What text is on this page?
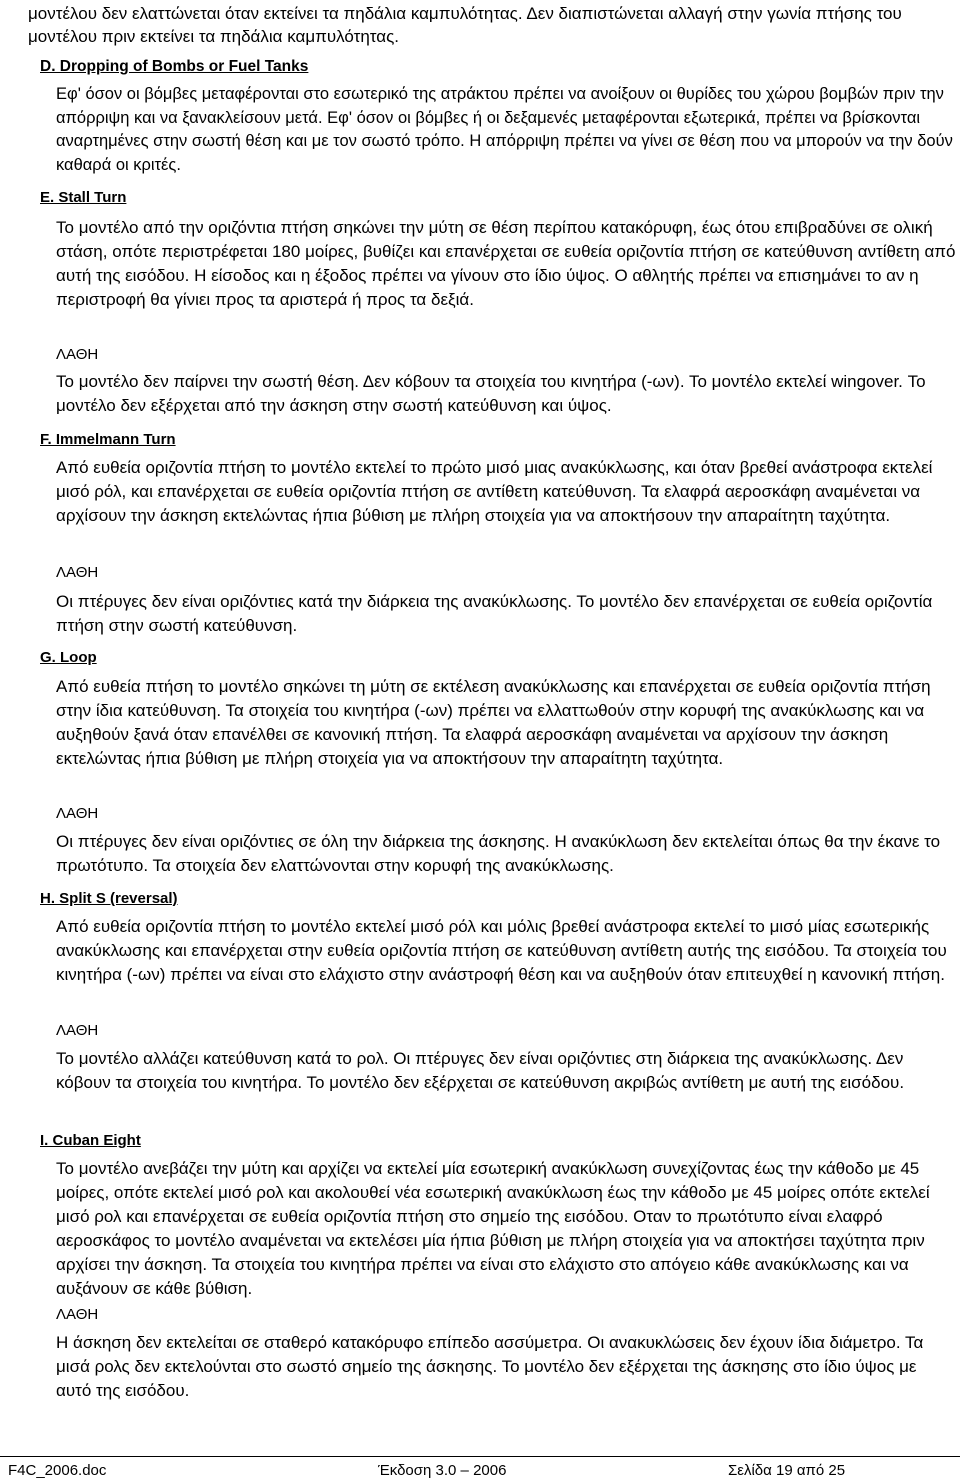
μοντέλου δεν ελαττώνεται όταν εκτείνει τα πηδάλια καμπυλότητας. Δεν διαπιστώνεται αλλαγή στην γωνία πτήσης του μοντέλου πριν εκτείνει τα πηδάλια καμπυλότητας.

D. Dropping of Bombs or Fuel Tanks

Εφ' όσον οι βόμβες μεταφέρονται στο εσωτερικό της ατράκτου πρέπει να ανοίξουν οι θυρίδες του χώρου βομβών πριν την απόρριψη και να ξανακλείσουν μετά. Εφ' όσον οι βόμβες ή οι δεξαμενές μεταφέρονται εξωτερικά, πρέπει να βρίσκονται αναρτημένες στην σωστή θέση και με τον σωστό τρόπο. Η απόρριψη πρέπει να γίνει σε θέση που να μπορούν να την δούν καθαρά οι κριτές.

E. Stall Turn

Το μοντέλο από την οριζόντια πτήση σηκώνει την μύτη σε θέση περίπου κατακόρυφη, έως ότου επιβραδύνει σε ολική στάση, οπότε περιστρέφεται 180 μοίρες, βυθίζει και επανέρχεται σε ευθεία οριζοντία πτήση σε κατεύθυνση αντίθετη από αυτή της εισόδου. Η είσοδος και η έξοδος πρέπει να γίνουν στο ίδιο ύψος. Ο αθλητής πρέπει να επισημάνει το αν η περιστροφή θα γίνιει προς τα αριστερά ή προς τα δεξιά.

ΛΑΘΗ

Το μοντέλο δεν παίρνει την σωστή θέση. Δεν κόβουν τα στοιχεία του κινητήρα (-ων). Το μοντέλο εκτελεί wingover. Το μοντέλο δεν εξέρχεται από την άσκηση στην σωστή κατεύθυνση και ύψος.

F. Immelmann Turn

Από ευθεία οριζοντία πτήση το μοντέλο εκτελεί το πρώτο μισό μιας ανακύκλωσης, και όταν βρεθεί ανάστροφα εκτελεί μισό ρόλ, και επανέρχεται σε ευθεία οριζοντία πτήση σε αντίθετη κατεύθυνση. Τα ελαφρά αεροσκάφη αναμένεται να αρχίσουν την άσκηση εκτελώντας ήπια βύθιση με πλήρη στοιχεία για να αποκτήσουν την απαραίτητη ταχύτητα.

ΛΑΘΗ

Οι πτέρυγες δεν είναι οριζόντιες κατά την διάρκεια της ανακύκλωσης. Το μοντέλο δεν επανέρχεται σε ευθεία οριζοντία πτήση στην σωστή κατεύθυνση.

G. Loop

Από ευθεία πτήση το μοντέλο σηκώνει τη μύτη σε εκτέλεση ανακύκλωσης και επανέρχεται σε ευθεία οριζοντία πτήση στην ίδια κατεύθυνση. Τα στοιχεία του κινητήρα (-ων) πρέπει να ελλαττωθούν στην κορυφή της ανακύκλωσης και να αυξηθούν ξανά όταν επανέλθει σε κανονική πτήση. Τα ελαφρά αεροσκάφη αναμένεται να αρχίσουν την άσκηση εκτελώντας ήπια βύθιση με πλήρη στοιχεία για να αποκτήσουν την απαραίτητη ταχύτητα.

ΛΑΘΗ

Οι πτέρυγες δεν είναι οριζόντιες σε όλη την διάρκεια της άσκησης. Η ανακύκλωση δεν εκτελείται όπως θα την έκανε το πρωτότυπο. Τα στοιχεία δεν ελαττώνονται στην κορυφή της ανακύκλωσης.

H. Split S (reversal)

Από ευθεία οριζοντία πτήση το μοντέλο εκτελεί μισό ρόλ και μόλις βρεθεί ανάστροφα εκτελεί το μισό μίας εσωτερικής ανακύκλωσης και επανέρχεται στην ευθεία οριζοντία πτήση σε κατεύθυνση αντίθετη αυτής της εισόδου. Τα στοιχεία του κινητήρα (-ων) πρέπει να είναι στο ελάχιστο στην ανάστροφή θέση και να αυξηθούν όταν επιτευχθεί η κανονική πτήση.

ΛΑΘΗ

Το μοντέλο αλλάζει κατεύθυνση κατά το ρολ. Οι πτέρυγες δεν είναι οριζόντιες στη διάρκεια της ανακύκλωσης. Δεν κόβουν τα στοιχεία του κινητήρα. Το μοντέλο δεν εξέρχεται σε κατεύθυνση ακριβώς αντίθετη με αυτή της εισόδου.

I. Cuban Eight

Το μοντέλο ανεβάζει την μύτη και αρχίζει να εκτελεί μία εσωτερική ανακύκλωση συνεχίζοντας έως την κάθοδο με 45 μοίρες, οπότε εκτελεί μισό ρολ και ακολουθεί νέα εσωτερική ανακύκλωση έως την κάθοδο με 45 μοίρες οπότε εκτελεί μισό ρολ και επανέρχεται σε ευθεία οριζοντία πτήση στο σημείο της εισόδου. Οταν το πρωτότυπο είναι ελαφρό αεροσκάφος το μοντέλο αναμένεται να εκτελέσει μία ήπια βύθιση με πλήρη στοιχεία για να αποκτήσει ταχύτητα πριν αρχίσει την άσκηση. Τα στοιχεία του κινητήρα πρέπει να είναι στο ελάχιστο στο απόγειο κάθε ανακύκλωσης και να αυξάνουν σε κάθε βύθιση.

ΛΑΘΗ

Η άσκηση δεν εκτελείται σε σταθερό κατακόρυφο επίπεδο ασσύμετρα. Οι ανακυκλώσεις δεν έχουν ίδια διάμετρο. Τα μισά ρολς δεν εκτελούνται στο σωστό σημείο της άσκησης. Το μοντέλο δεν εξέρχεται της άσκησης στο ίδιο ύψος με αυτό της εισόδου.

F4C_2006.doc	Έκδοση 3.0 – 2006	Σελίδα 19 από 25
